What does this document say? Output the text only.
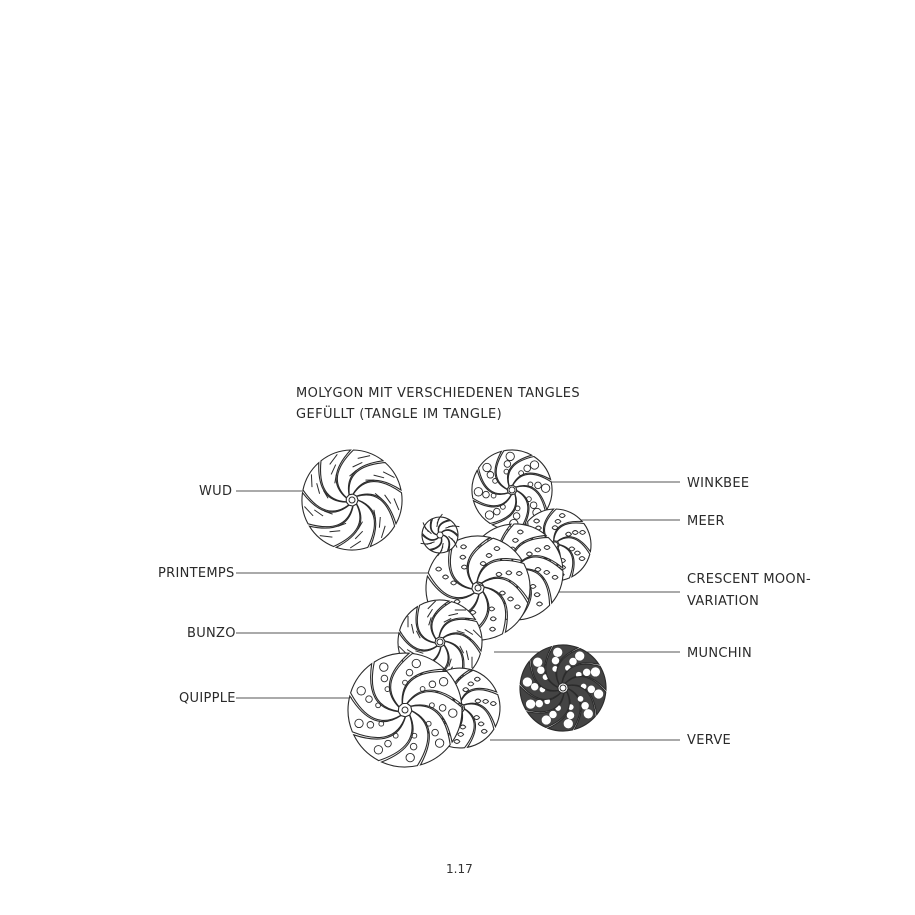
MOLYGON MIT VERSCHIEDENEN TANGLES
GEFÜLLT (TANGLE IM TANGLE)
WUD
PRINTEMPS
BUNZO
QUIPPLE
WINKBEE
MEER
CRESCENT MOON-
VARIATION
MUNCHIN
VERVE
1.17
